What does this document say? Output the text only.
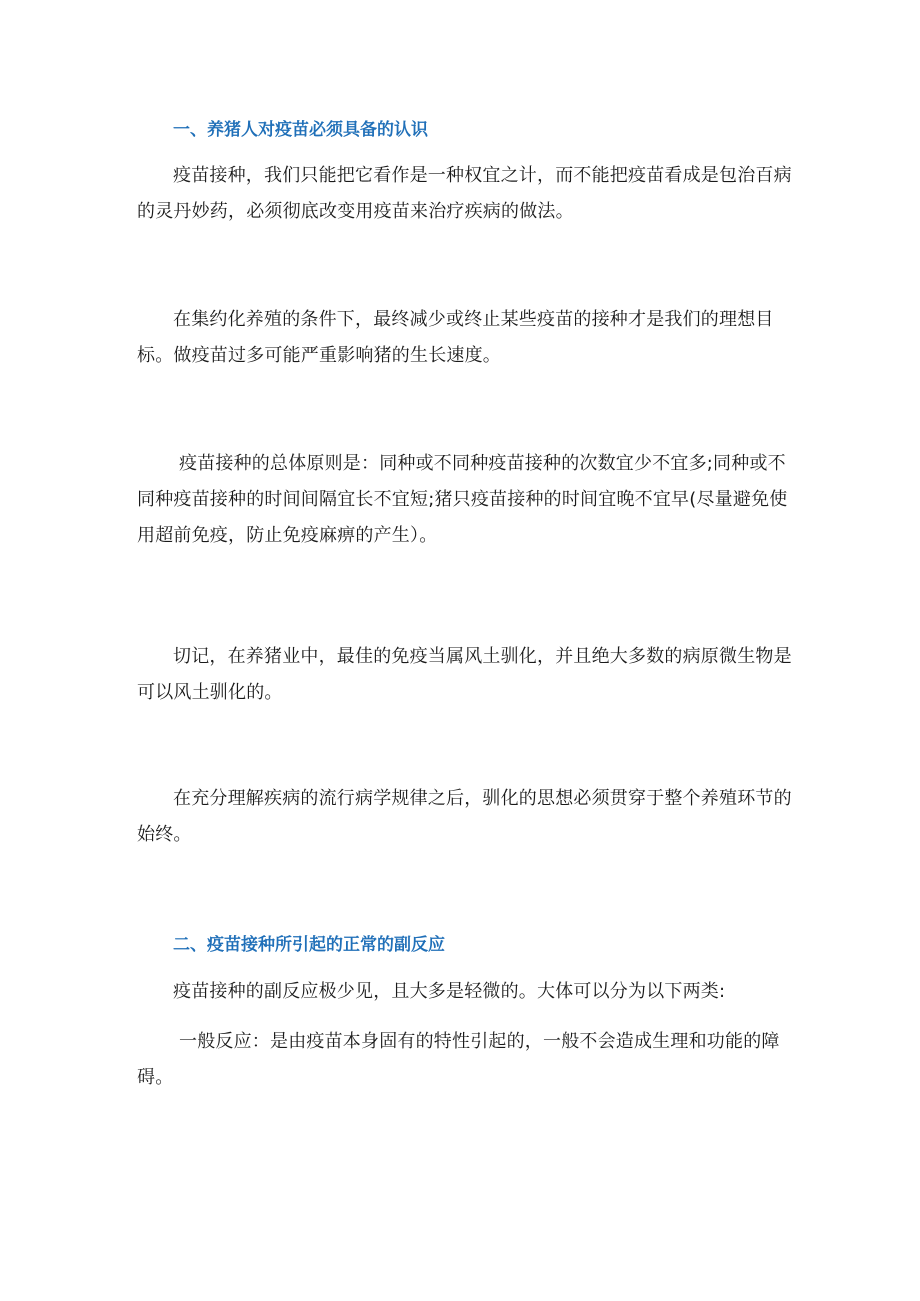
一、养猪人对疫苗必须具备的认识

疫苗接种，我们只能把它看作是一种权宜之计，而不能把疫苗看成是包治百病的灵丹妙药，必须彻底改变用疫苗来治疗疾病的做法。

在集约化养殖的条件下，最终减少或终止某些疫苗的接种才是我们的理想目标。做疫苗过多可能严重影响猪的生长速度。

疫苗接种的总体原则是：同种或不同种疫苗接种的次数宜少不宜多;同种或不同种疫苗接种的时间间隔宜长不宜短;猪只疫苗接种的时间宜晚不宜早(尽量避免使用超前免疫，防止免疫麻痹的产生）。

切记，在养猪业中，最佳的免疫当属风土驯化，并且绝大多数的病原微生物是可以风土驯化的。

在充分理解疾病的流行病学规律之后，驯化的思想必须贯穿于整个养殖环节的始终。

二、疫苗接种所引起的正常的副反应

疫苗接种的副反应极少见，且大多是轻微的。大体可以分为以下两类:

一般反应：是由疫苗本身固有的特性引起的，一般不会造成生理和功能的障碍。
